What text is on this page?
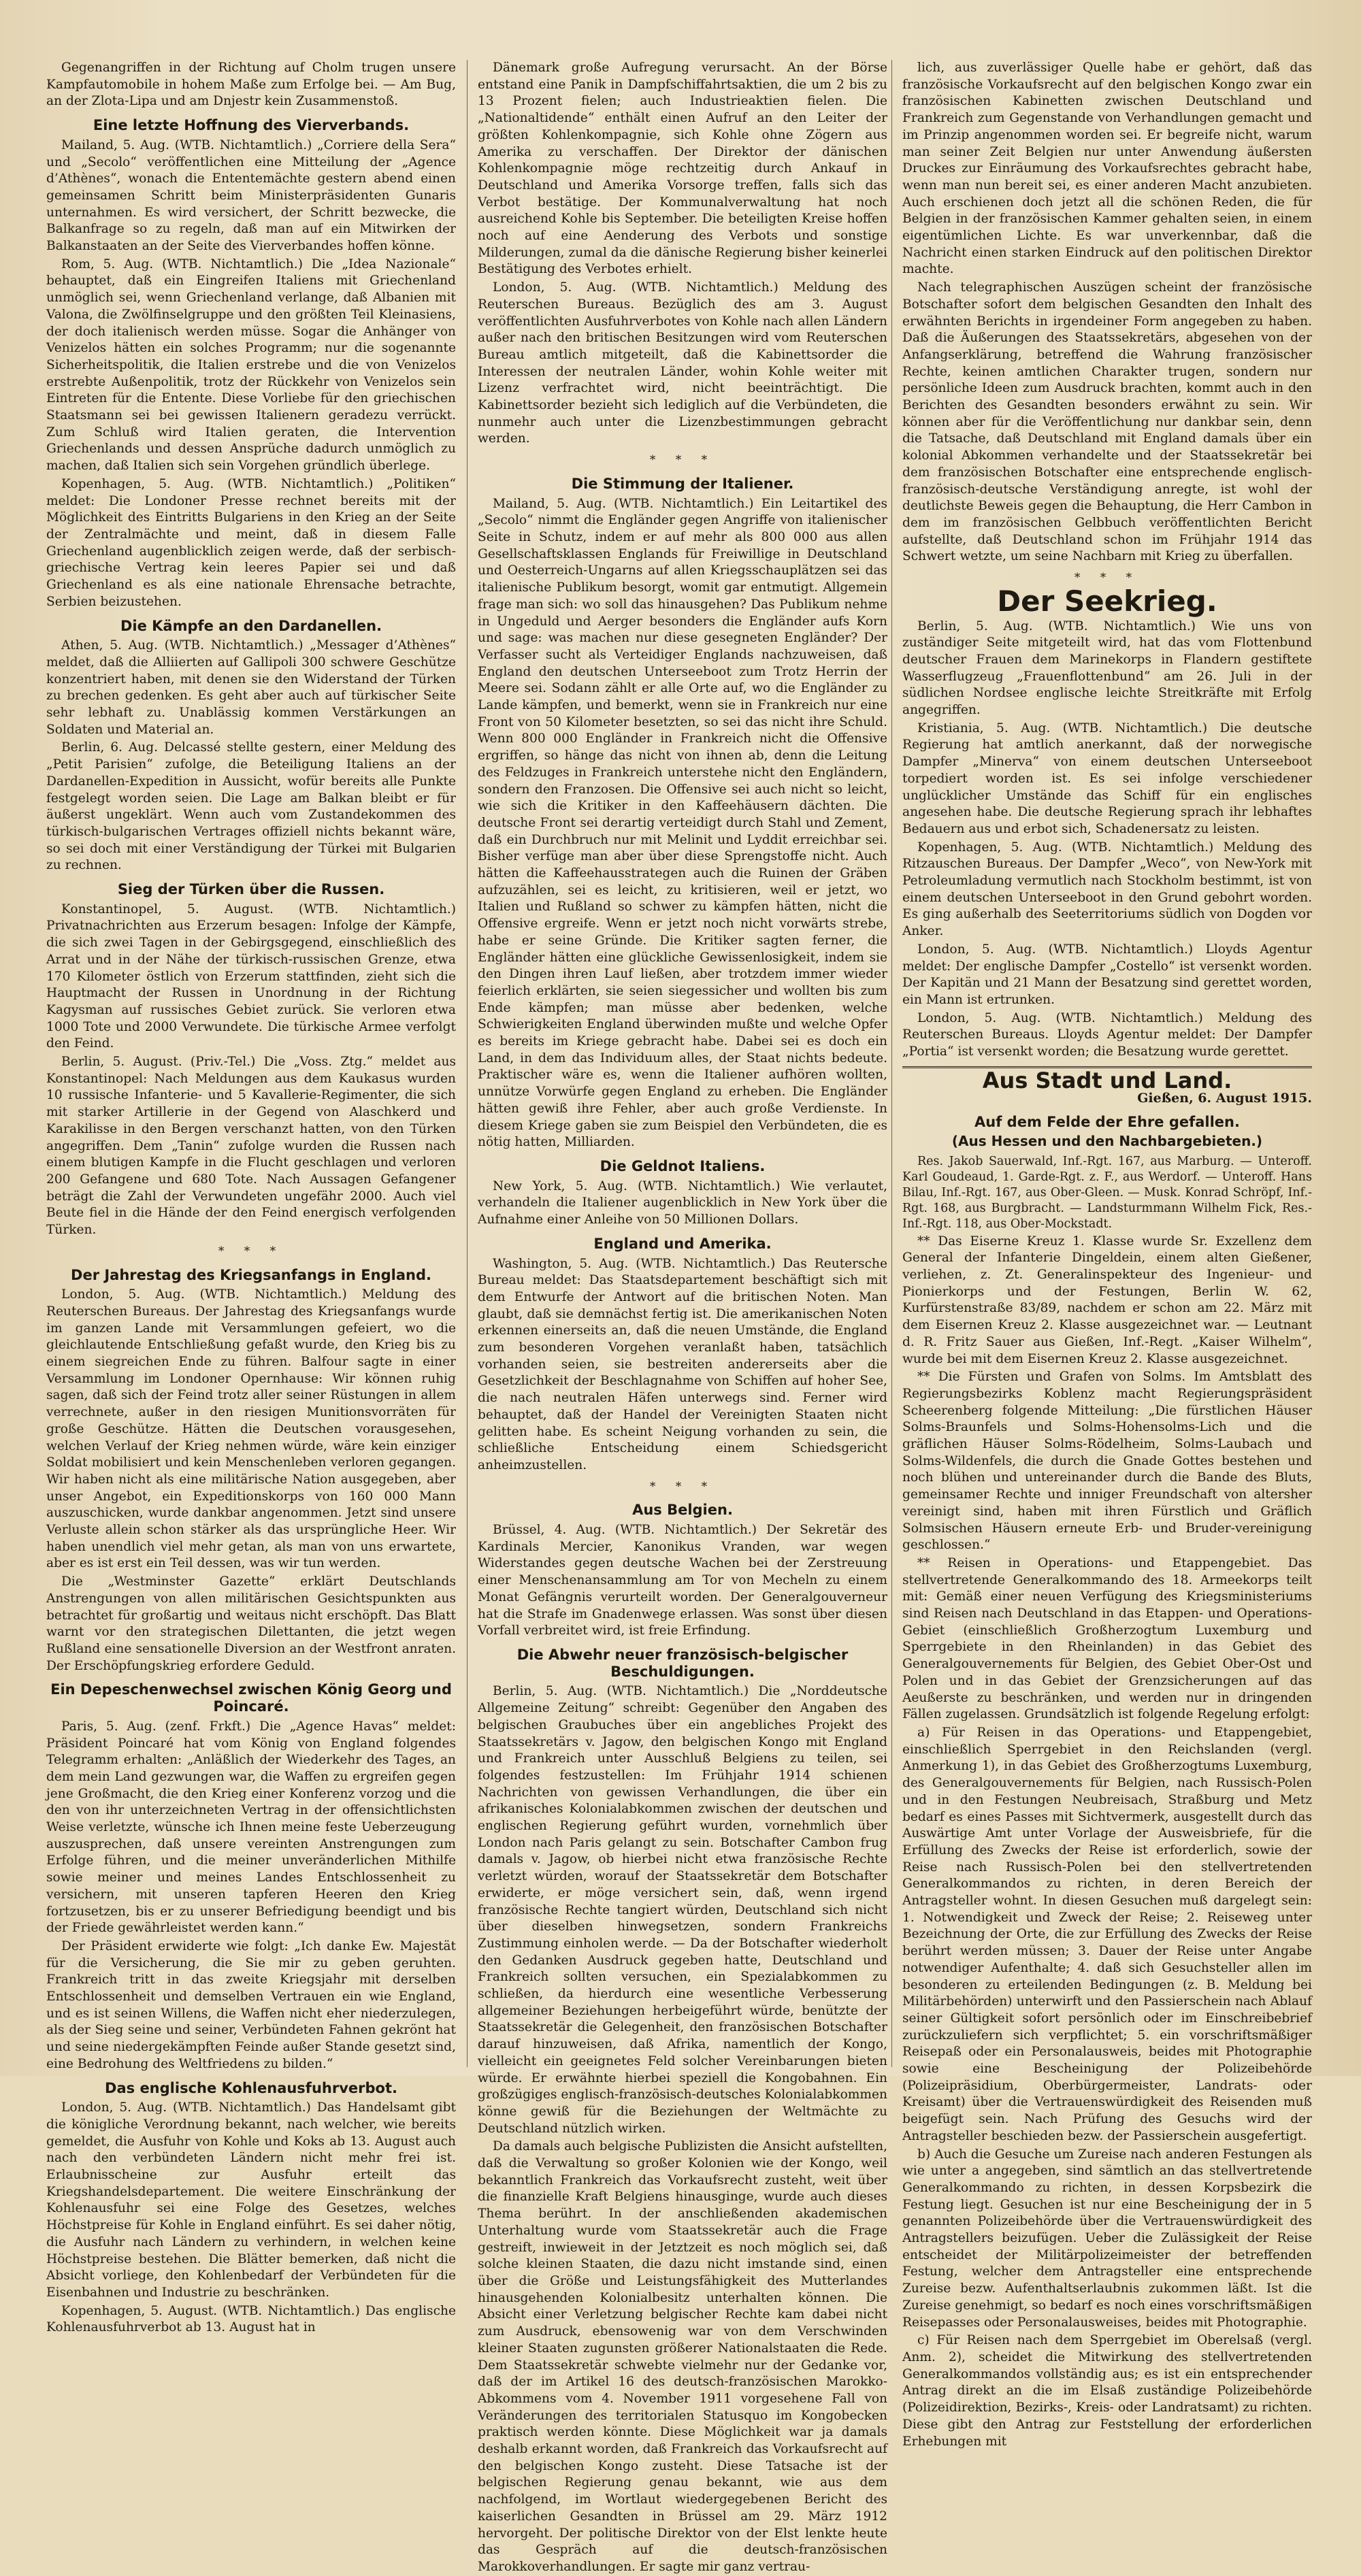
Gegenangriffen in der Richtung auf Cholm trugen unsere Kampfautomobile in hohem Maße zum Erfolge bei. — Am Bug, an der Zlota-Lipa und am Dnjestr kein Zusammenstoß.

Eine letzte Hoffnung des Vierverbands.

Mailand, 5. Aug. (WTB. Nichtamtlich.) „Corriere della Sera“ und „Secolo“ veröffentlichen eine Mitteilung der „Agence d’Athènes“, wonach die Ententemächte gestern abend einen gemeinsamen Schritt beim Ministerpräsidenten Gunaris unternahmen. Es wird versichert, der Schritt bezwecke, die Balkanfrage so zu regeln, daß man auf ein Mitwirken der Balkanstaaten an der Seite des Vierverbandes hoffen könne.

Rom, 5. Aug. (WTB. Nichtamtlich.) Die „Idea Nazionale“ behauptet, daß ein Eingreifen Italiens mit Griechenland unmöglich sei, wenn Griechenland verlange, daß Albanien mit Valona, die Zwölfinselgruppe und den größten Teil Kleinasiens, der doch italienisch werden müsse. Sogar die Anhänger von Venizelos hätten ein solches Programm; nur die sogenannte Sicherheitspolitik, die Italien erstrebe und die von Venizelos erstrebte Außenpolitik, trotz der Rückkehr von Venizelos sein Eintreten für die Entente. Diese Vorliebe für den griechischen Staatsmann sei bei gewissen Italienern geradezu verrückt. Zum Schluß wird Italien geraten, die Intervention Griechenlands und dessen Ansprüche dadurch unmöglich zu machen, daß Italien sich sein Vorgehen gründlich überlege.

Kopenhagen, 5. Aug. (WTB. Nichtamtlich.) „Politiken“ meldet: Die Londoner Presse rechnet bereits mit der Möglichkeit des Eintritts Bulgariens in den Krieg an der Seite der Zentralmächte und meint, daß in diesem Falle Griechenland augenblicklich zeigen werde, daß der serbisch-griechische Vertrag kein leeres Papier sei und daß Griechenland es als eine nationale Ehrensache betrachte, Serbien beizustehen.

Die Kämpfe an den Dardanellen.

Athen, 5. Aug. (WTB. Nichtamtlich.) „Messager d’Athènes“ meldet, daß die Alliierten auf Gallipoli 300 schwere Geschütze konzentriert haben, mit denen sie den Widerstand der Türken zu brechen gedenken. Es geht aber auch auf türkischer Seite sehr lebhaft zu. Unablässig kommen Verstärkungen an Soldaten und Material an.

Berlin, 6. Aug. Delcassé stellte gestern, einer Meldung des „Petit Parisien“ zufolge, die Beteiligung Italiens an der Dardanellen-Expedition in Aussicht, wofür bereits alle Punkte festgelegt worden seien. Die Lage am Balkan bleibt er für äußerst ungeklärt. Wenn auch vom Zustandekommen des türkisch-bulgarischen Vertrages offiziell nichts bekannt wäre, so sei doch mit einer Verständigung der Türkei mit Bulgarien zu rechnen.

Sieg der Türken über die Russen.

Konstantinopel, 5. August. (WTB. Nichtamtlich.) Privatnachrichten aus Erzerum besagen: Infolge der Kämpfe, die sich zwei Tagen in der Gebirgsgegend, einschließlich des Arrat und in der Nähe der türkisch-russischen Grenze, etwa 170 Kilometer östlich von Erzerum stattfinden, zieht sich die Hauptmacht der Russen in Unordnung in der Richtung Kagysman auf russisches Gebiet zurück. Sie verloren etwa 1000 Tote und 2000 Verwundete. Die türkische Armee verfolgt den Feind.

Berlin, 5. August. (Priv.-Tel.) Die „Voss. Ztg.“ meldet aus Konstantinopel: Nach Meldungen aus dem Kaukasus wurden 10 russische Infanterie- und 5 Kavallerie-Regimenter, die sich mit starker Artillerie in der Gegend von Alaschkerd und Karakilisse in den Bergen verschanzt hatten, von den Türken angegriffen. Dem „Tanin“ zufolge wurden die Russen nach einem blutigen Kampfe in die Flucht geschlagen und verloren 200 Gefangene und 680 Tote. Nach Aussagen Gefangener beträgt die Zahl der Verwundeten ungefähr 2000. Auch viel Beute fiel in die Hände der den Feind energisch verfolgenden Türken.

* * *
Der Jahrestag des Kriegsanfangs in England.

London, 5. Aug. (WTB. Nichtamtlich.) Meldung des Reuterschen Bureaus. Der Jahrestag des Kriegsanfangs wurde im ganzen Lande mit Versammlungen gefeiert, wo die gleichlautende Entschließung gefaßt wurde, den Krieg bis zu einem siegreichen Ende zu führen. Balfour sagte in einer Versammlung im Londoner Opernhause: Wir können ruhig sagen, daß sich der Feind trotz aller seiner Rüstungen in allem verrechnete, außer in den riesigen Munitionsvorräten für große Geschütze. Hätten die Deutschen vorausgesehen, welchen Verlauf der Krieg nehmen würde, wäre kein einziger Soldat mobilisiert und kein Menschenleben verloren gegangen. Wir haben nicht als eine militärische Nation ausgegeben, aber unser Angebot, ein Expeditionskorps von 160 000 Mann auszuschicken, wurde dankbar angenommen. Jetzt sind unsere Verluste allein schon stärker als das ursprüngliche Heer. Wir haben unendlich viel mehr getan, als man von uns erwartete, aber es ist erst ein Teil dessen, was wir tun werden.

Die „Westminster Gazette“ erklärt Deutschlands Anstrengungen von allen militärischen Gesichtspunkten aus betrachtet für großartig und weitaus nicht erschöpft. Das Blatt warnt vor den strategischen Dilettanten, die jetzt wegen Rußland eine sensationelle Diversion an der Westfront anraten. Der Erschöpfungskrieg erfordere Geduld.

Ein Depeschenwechsel zwischen König Georg und Poincaré.

Paris, 5. Aug. (zenf. Frkft.) Die „Agence Havas“ meldet: Präsident Poincaré hat vom König von England folgendes Telegramm erhalten: „Anläßlich der Wiederkehr des Tages, an dem mein Land gezwungen war, die Waffen zu ergreifen gegen jene Großmacht, die den Krieg einer Konferenz vorzog und die den von ihr unterzeichneten Vertrag in der offensichtlichsten Weise verletzte, wünsche ich Ihnen meine feste Ueberzeugung auszusprechen, daß unsere vereinten Anstrengungen zum Erfolge führen, und die meiner unveränderlichen Mithilfe sowie meiner und meines Landes Entschlossenheit zu versichern, mit unseren tapferen Heeren den Krieg fortzusetzen, bis er zu unserer Befriedigung beendigt und bis der Friede gewährleistet werden kann.“

Der Präsident erwiderte wie folgt: „Ich danke Ew. Majestät für die Versicherung, die Sie mir zu geben geruhten. Frankreich tritt in das zweite Kriegsjahr mit derselben Entschlossenheit und demselben Vertrauen ein wie England, und es ist seinen Willens, die Waffen nicht eher niederzulegen, als der Sieg seine und seiner, Verbündeten Fahnen gekrönt hat und seine niedergekämpften Feinde außer Stande gesetzt sind, eine Bedrohung des Weltfriedens zu bilden.“

Das englische Kohlenausfuhrverbot.

London, 5. Aug. (WTB. Nichtamtlich.) Das Handelsamt gibt die königliche Verordnung bekannt, nach welcher, wie bereits gemeldet, die Ausfuhr von Kohle und Koks ab 13. August auch nach den verbündeten Ländern nicht mehr frei ist. Erlaubnisscheine zur Ausfuhr erteilt das Kriegshandelsdepartement. Die weitere Einschränkung der Kohlenausfuhr sei eine Folge des Gesetzes, welches Höchstpreise für Kohle in England einführt. Es sei daher nötig, die Ausfuhr nach Ländern zu verhindern, in welchen keine Höchstpreise bestehen. Die Blätter bemerken, daß nicht die Absicht vorliege, den Kohlenbedarf der Verbündeten für die Eisenbahnen und Industrie zu beschränken.

Kopenhagen, 5. August. (WTB. Nichtamtlich.) Das englische Kohlenausfuhrverbot ab 13. August hat in

Dänemark große Aufregung verursacht. An der Börse entstand eine Panik in Dampfschiffahrtsaktien, die um 2 bis zu 13 Prozent fielen; auch Industrieaktien fielen. Die „Nationaltidende“ enthält einen Aufruf an den Leiter der größten Kohlenkompagnie, sich Kohle ohne Zögern aus Amerika zu verschaffen. Der Direktor der dänischen Kohlenkompagnie möge rechtzeitig durch Ankauf in Deutschland und Amerika Vorsorge treffen, falls sich das Verbot bestätige. Der Kommunalverwaltung hat noch ausreichend Kohle bis September. Die beteiligten Kreise hoffen noch auf eine Aenderung des Verbots und sonstige Milderungen, zumal da die dänische Regierung bisher keinerlei Bestätigung des Verbotes erhielt.

London, 5. Aug. (WTB. Nichtamtlich.) Meldung des Reuterschen Bureaus. Bezüglich des am 3. August veröffentlichten Ausfuhrverbotes von Kohle nach allen Ländern außer nach den britischen Besitzungen wird vom Reuterschen Bureau amtlich mitgeteilt, daß die Kabinettsorder die Interessen der neutralen Länder, wohin Kohle weiter mit Lizenz verfrachtet wird, nicht beeinträchtigt. Die Kabinettsorder bezieht sich lediglich auf die Verbündeten, die nunmehr auch unter die Lizenzbestimmungen gebracht werden.

* * *
Die Stimmung der Italiener.

Mailand, 5. Aug. (WTB. Nichtamtlich.) Ein Leitartikel des „Secolo“ nimmt die Engländer gegen Angriffe von italienischer Seite in Schutz, indem er auf mehr als 800 000 aus allen Gesellschaftsklassen Englands für Freiwillige in Deutschland und Oesterreich-Ungarns auf allen Kriegsschauplätzen sei das italienische Publikum besorgt, womit gar entmutigt. Allgemein frage man sich: wo soll das hinausgehen? Das Publikum nehme in Ungeduld und Aerger besonders die Engländer aufs Korn und sage: was machen nur diese gesegneten Engländer? Der Verfasser sucht als Verteidiger Englands nachzuweisen, daß England den deutschen Unterseeboot zum Trotz Herrin der Meere sei. Sodann zählt er alle Orte auf, wo die Engländer zu Lande kämpfen, und bemerkt, wenn sie in Frankreich nur eine Front von 50 Kilometer besetzten, so sei das nicht ihre Schuld. Wenn 800 000 Engländer in Frankreich nicht die Offensive ergriffen, so hänge das nicht von ihnen ab, denn die Leitung des Feldzuges in Frankreich unterstehe nicht den Engländern, sondern den Franzosen. Die Offensive sei auch nicht so leicht, wie sich die Kritiker in den Kaffeehäusern dächten. Die deutsche Front sei derartig verteidigt durch Stahl und Zement, daß ein Durchbruch nur mit Melinit und Lyddit erreichbar sei. Bisher verfüge man aber über diese Sprengstoffe nicht. Auch hätten die Kaffeehausstrategen auch die Ruinen der Gräben aufzuzählen, sei es leicht, zu kritisieren, weil er jetzt, wo Italien und Rußland so schwer zu kämpfen hätten, nicht die Offensive ergreife. Wenn er jetzt noch nicht vorwärts strebe, habe er seine Gründe. Die Kritiker sagten ferner, die Engländer hätten eine glückliche Gewissenlosigkeit, indem sie den Dingen ihren Lauf ließen, aber trotzdem immer wieder feierlich erklärten, sie seien siegessicher und wollten bis zum Ende kämpfen; man müsse aber bedenken, welche Schwierigkeiten England überwinden mußte und welche Opfer es bereits im Kriege gebracht habe. Dabei sei es doch ein Land, in dem das Individuum alles, der Staat nichts bedeute. Praktischer wäre es, wenn die Italiener aufhören wollten, unnütze Vorwürfe gegen England zu erheben. Die Engländer hätten gewiß ihre Fehler, aber auch große Verdienste. In diesem Kriege gaben sie zum Beispiel den Verbündeten, die es nötig hatten, Milliarden.

Die Geldnot Italiens.

New York, 5. Aug. (WTB. Nichtamtlich.) Wie verlautet, verhandeln die Italiener augenblicklich in New York über die Aufnahme einer Anleihe von 50 Millionen Dollars.

England und Amerika.

Washington, 5. Aug. (WTB. Nichtamtlich.) Das Reutersche Bureau meldet: Das Staatsdepartement beschäftigt sich mit dem Entwurfe der Antwort auf die britischen Noten. Man glaubt, daß sie demnächst fertig ist. Die amerikanischen Noten erkennen einerseits an, daß die neuen Umstände, die England zum besonderen Vorgehen veranlaßt haben, tatsächlich vorhanden seien, sie bestreiten andererseits aber die Gesetzlichkeit der Beschlagnahme von Schiffen auf hoher See, die nach neutralen Häfen unterwegs sind. Ferner wird behauptet, daß der Handel der Vereinigten Staaten nicht gelitten habe. Es scheint Neigung vorhanden zu sein, die schließliche Entscheidung einem Schiedsgericht anheimzustellen.

* * *
Aus Belgien.

Brüssel, 4. Aug. (WTB. Nichtamtlich.) Der Sekretär des Kardinals Mercier, Kanonikus Vranden, war wegen Widerstandes gegen deutsche Wachen bei der Zerstreuung einer Menschenansammlung am Tor von Mecheln zu einem Monat Gefängnis verurteilt worden. Der Generalgouverneur hat die Strafe im Gnadenwege erlassen. Was sonst über diesen Vorfall verbreitet wird, ist freie Erfindung.

Die Abwehr neuer französisch-belgischer Beschuldigungen.

Berlin, 5. Aug. (WTB. Nichtamtlich.) Die „Norddeutsche Allgemeine Zeitung“ schreibt: Gegenüber den Angaben des belgischen Graubuches über ein angebliches Projekt des Staatssekretärs v. Jagow, den belgischen Kongo mit England und Frankreich unter Ausschluß Belgiens zu teilen, sei folgendes festzustellen: Im Frühjahr 1914 schienen Nachrichten von gewissen Verhandlungen, die über ein afrikanisches Kolonialabkommen zwischen der deutschen und englischen Regierung geführt wurden, vornehmlich über London nach Paris gelangt zu sein. Botschafter Cambon frug damals v. Jagow, ob hierbei nicht etwa französische Rechte verletzt würden, worauf der Staatssekretär dem Botschafter erwiderte, er möge versichert sein, daß, wenn irgend französische Rechte tangiert würden, Deutschland sich nicht über dieselben hinwegsetzen, sondern Frankreichs Zustimmung einholen werde. — Da der Botschafter wiederholt den Gedanken Ausdruck gegeben hatte, Deutschland und Frankreich sollten versuchen, ein Spezialabkommen zu schließen, da hierdurch eine wesentliche Verbesserung allgemeiner Beziehungen herbeigeführt würde, benützte der Staatssekretär die Gelegenheit, den französischen Botschafter darauf hinzuweisen, daß Afrika, namentlich der Kongo, vielleicht ein geeignetes Feld solcher Vereinbarungen bieten würde. Er erwähnte hierbei speziell die Kongobahnen. Ein großzügiges englisch-französisch-deutsches Kolonialabkommen könne gewiß für die Beziehungen der Weltmächte zu Deutschland nützlich wirken.

Da damals auch belgische Publizisten die Ansicht aufstellten, daß die Verwaltung so großer Kolonien wie der Kongo, weil bekanntlich Frankreich das Vorkaufsrecht zusteht, weit über die finanzielle Kraft Belgiens hinausginge, wurde auch dieses Thema berührt. In der anschließenden akademischen Unterhaltung wurde vom Staatssekretär auch die Frage gestreift, inwieweit in der Jetztzeit es noch möglich sei, daß solche kleinen Staaten, die dazu nicht imstande sind, einen über die Größe und Leistungsfähigkeit des Mutterlandes hinausgehenden Kolonialbesitz unterhalten können. Die Absicht einer Verletzung belgischer Rechte kam dabei nicht zum Ausdruck, ebensowenig war von dem Verschwinden kleiner Staaten zugunsten größerer Nationalstaaten die Rede. Dem Staatssekretär schwebte vielmehr nur der Gedanke vor, daß der im Artikel 16 des deutsch-französischen Marokko-Abkommens vom 4. November 1911 vorgesehene Fall von Veränderungen des territorialen Statusquo im Kongobecken praktisch werden könnte. Diese Möglichkeit war ja damals deshalb erkannt worden, daß Frankreich das Vorkaufsrecht auf den belgischen Kongo zusteht. Diese Tatsache ist der belgischen Regierung genau bekannt, wie aus dem nachfolgend, im Wortlaut wiedergegebenen Bericht des kaiserlichen Gesandten in Brüssel am 29. März 1912 hervorgeht. Der politische Direktor von der Elst lenkte heute das Gespräch auf die deutsch-französischen Marokkoverhandlungen. Er sagte mir ganz vertrau-

lich, aus zuverlässiger Quelle habe er gehört, daß das französische Vorkaufsrecht auf den belgischen Kongo zwar ein französischen Kabinetten zwischen Deutschland und Frankreich zum Gegenstande von Verhandlungen gemacht und im Prinzip angenommen worden sei. Er begreife nicht, warum man seiner Zeit Belgien nur unter Anwendung äußersten Druckes zur Einräumung des Vorkaufsrechtes gebracht habe, wenn man nun bereit sei, es einer anderen Macht anzubieten. Auch erschienen doch jetzt all die schönen Reden, die für Belgien in der französischen Kammer gehalten seien, in einem eigentümlichen Lichte. Es war unverkennbar, daß die Nachricht einen starken Eindruck auf den politischen Direktor machte.

Nach telegraphischen Auszügen scheint der französische Botschafter sofort dem belgischen Gesandten den Inhalt des erwähnten Berichts in irgendeiner Form angegeben zu haben. Daß die Äußerungen des Staatssekretärs, abgesehen von der Anfangserklärung, betreffend die Wahrung französischer Rechte, keinen amtlichen Charakter trugen, sondern nur persönliche Ideen zum Ausdruck brachten, kommt auch in den Berichten des Gesandten besonders erwähnt zu sein. Wir können aber für die Veröffentlichung nur dankbar sein, denn die Tatsache, daß Deutschland mit England damals über ein kolonial Abkommen verhandelte und der Staatssekretär bei dem französischen Botschafter eine entsprechende englisch-französisch-deutsche Verständigung anregte, ist wohl der deutlichste Beweis gegen die Behauptung, die Herr Cambon in dem im französischen Gelbbuch veröffentlichten Bericht aufstellte, daß Deutschland schon im Frühjahr 1914 das Schwert wetzte, um seine Nachbarn mit Krieg zu überfallen.

* * *
Der Seekrieg.

Berlin, 5. Aug. (WTB. Nichtamtlich.) Wie uns von zuständiger Seite mitgeteilt wird, hat das vom Flottenbund deutscher Frauen dem Marinekorps in Flandern gestiftete Wasserflugzeug „Frauenflottenbund“ am 26. Juli in der südlichen Nordsee englische leichte Streitkräfte mit Erfolg angegriffen.

Kristiania, 5. Aug. (WTB. Nichtamtlich.) Die deutsche Regierung hat amtlich anerkannt, daß der norwegische Dampfer „Minerva“ von einem deutschen Unterseeboot torpediert worden ist. Es sei infolge verschiedener unglücklicher Umstände das Schiff für ein englisches angesehen habe. Die deutsche Regierung sprach ihr lebhaftes Bedauern aus und erbot sich, Schadenersatz zu leisten.

Kopenhagen, 5. Aug. (WTB. Nichtamtlich.) Meldung des Ritzauschen Bureaus. Der Dampfer „Weco“, von New-York mit Petroleumladung vermutlich nach Stockholm bestimmt, ist von einem deutschen Unterseeboot in den Grund gebohrt worden. Es ging außerhalb des Seeterritoriums südlich von Dogden vor Anker.

London, 5. Aug. (WTB. Nichtamtlich.) Lloyds Agentur meldet: Der englische Dampfer „Costello“ ist versenkt worden. Der Kapitän und 21 Mann der Besatzung sind gerettet worden, ein Mann ist ertrunken.

London, 5. Aug. (WTB. Nichtamtlich.) Meldung des Reuterschen Bureaus. Lloyds Agentur meldet: Der Dampfer „Portia“ ist versenkt worden; die Besatzung wurde gerettet.

Aus Stadt und Land.
Gießen, 6. August 1915.
Auf dem Felde der Ehre gefallen.
(Aus Hessen und den Nachbargebieten.)

Res. Jakob Sauerwald, Inf.-Rgt. 167, aus Marburg. — Unteroff. Karl Goudeaud, 1. Garde-Rgt. z. F., aus Werdorf. — Unteroff. Hans Bilau, Inf.-Rgt. 167, aus Ober-Gleen. — Musk. Konrad Schröpf, Inf.-Rgt. 168, aus Burgbracht. — Landsturmmann Wilhelm Fick, Res.-Inf.-Rgt. 118, aus Ober-Mockstadt.

** Das Eiserne Kreuz 1. Klasse wurde Sr. Exzellenz dem General der Infanterie Dingeldein, einem alten Gießener, verliehen, z. Zt. Generalinspekteur des Ingenieur- und Pionierkorps und der Festungen, Berlin W. 62, Kurfürstenstraße 83/89, nachdem er schon am 22. März mit dem Eisernen Kreuz 2. Klasse ausgezeichnet war. — Leutnant d. R. Fritz Sauer aus Gießen, Inf.-Regt. „Kaiser Wilhelm“, wurde bei mit dem Eisernen Kreuz 2. Klasse ausgezeichnet.

** Die Fürsten und Grafen von Solms. Im Amtsblatt des Regierungsbezirks Koblenz macht Regierungspräsident Scheerenberg folgende Mitteilung: „Die fürstlichen Häuser Solms-Braunfels und Solms-Hohensolms-Lich und die gräflichen Häuser Solms-Rödelheim, Solms-Laubach und Solms-Wildenfels, die durch die Gnade Gottes bestehen und noch blühen und untereinander durch die Bande des Bluts, gemeinsamer Rechte und inniger Freundschaft von altersher vereinigt sind, haben mit ihren Fürstlich und Gräflich Solmsischen Häusern erneute Erb- und Bruder-vereinigung geschlossen.“

** Reisen in Operations- und Etappengebiet. Das stellvertretende Generalkommando des 18. Armeekorps teilt mit: Gemäß einer neuen Verfügung des Kriegsministeriums sind Reisen nach Deutschland in das Etappen- und Operations-Gebiet (einschließlich Großherzogtum Luxemburg und Sperrgebiete in den Rheinlanden) in das Gebiet des Generalgouvernements für Belgien, des Gebiet Ober-Ost und Polen und in das Gebiet der Grenzsicherungen auf das Aeußerste zu beschränken, und werden nur in dringenden Fällen zugelassen. Grundsätzlich ist folgende Regelung erfolgt:

a) Für Reisen in das Operations- und Etappengebiet, einschließlich Sperrgebiet in den Reichslanden (vergl. Anmerkung 1), in das Gebiet des Großherzogtums Luxemburg, des Generalgouvernements für Belgien, nach Russisch-Polen und in den Festungen Neubreisach, Straßburg und Metz bedarf es eines Passes mit Sichtvermerk, ausgestellt durch das Auswärtige Amt unter Vorlage der Ausweisbriefe, für die Erfüllung des Zwecks der Reise ist erforderlich, sowie der Reise nach Russisch-Polen bei den stellvertretenden Generalkommandos zu richten, in deren Bereich der Antragsteller wohnt. In diesen Gesuchen muß dargelegt sein: 1. Notwendigkeit und Zweck der Reise; 2. Reiseweg unter Bezeichnung der Orte, die zur Erfüllung des Zwecks der Reise berührt werden müssen; 3. Dauer der Reise unter Angabe notwendiger Aufenthalte; 4. daß sich Gesuchsteller allen im besonderen zu erteilenden Bedingungen (z. B. Meldung bei Militärbehörden) unterwirft und den Passierschein nach Ablauf seiner Gültigkeit sofort persönlich oder im Einschreibebrief zurückzuliefern sich verpflichtet; 5. ein vorschriftsmäßiger Reisepaß oder ein Personalausweis, beides mit Photographie sowie eine Bescheinigung der Polizeibehörde (Polizeipräsidium, Oberbürgermeister, Landrats- oder Kreisamt) über die Vertrauenswürdigkeit des Reisenden muß beigefügt sein. Nach Prüfung des Gesuchs wird der Antragsteller beschieden bezw. der Passierschein ausgefertigt.

b) Auch die Gesuche um Zureise nach anderen Festungen als wie unter a angegeben, sind sämtlich an das stellvertretende Generalkommando zu richten, in dessen Korpsbezirk die Festung liegt. Gesuchen ist nur eine Bescheinigung der in 5 genannten Polizeibehörde über die Vertrauenswürdigkeit des Antragstellers beizufügen. Ueber die Zulässigkeit der Reise entscheidet der Militärpolizeimeister der betreffenden Festung, welcher dem Antragsteller eine entsprechende Zureise bezw. Aufenthaltserlaubnis zukommen läßt. Ist die Zureise genehmigt, so bedarf es noch eines vorschriftsmäßigen Reisepasses oder Personalausweises, beides mit Photographie.

c) Für Reisen nach dem Sperrgebiet im Oberelsaß (vergl. Anm. 2), scheidet die Mitwirkung des stellvertretenden Generalkommandos vollständig aus; es ist ein entsprechender Antrag direkt an die im Elsaß zuständige Polizeibehörde (Polizeidirektion, Bezirks-, Kreis- oder Landratsamt) zu richten. Diese gibt den Antrag zur Feststellung der erforderlichen Erhebungen mit
